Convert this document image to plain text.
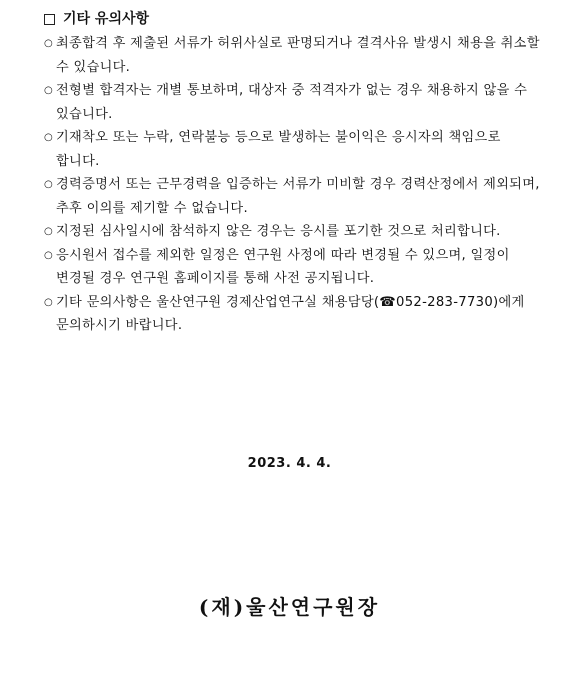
기타 유의사항
○ 최종합격 후 제출된 서류가 허위사실로 판명되거나 결격사유 발생시 채용을 취소할 수 있습니다.
○ 전형별 합격자는 개별 통보하며, 대상자 중 적격자가 없는 경우 채용하지 않을 수 있습니다.
○ 기재착오 또는 누락, 연락불능 등으로 발생하는 불이익은 응시자의 책임으로 합니다.
○ 경력증명서 또는 근무경력을 입증하는 서류가 미비할 경우 경력산정에서 제외되며, 추후 이의를 제기할 수 없습니다.
○ 지정된 심사일시에 참석하지 않은 경우는 응시를 포기한 것으로 처리합니다.
○ 응시원서 접수를 제외한 일정은 연구원 사정에 따라 변경될 수 있으며, 일정이 변경될 경우 연구원 홈페이지를 통해 사전 공지됩니다.
○ 기타 문의사항은 울산연구원 경제산업연구실 채용담당(☎052-283-7730)에게 문의하시기 바랍니다.
2023. 4. 4.
(재)울산연구원장
